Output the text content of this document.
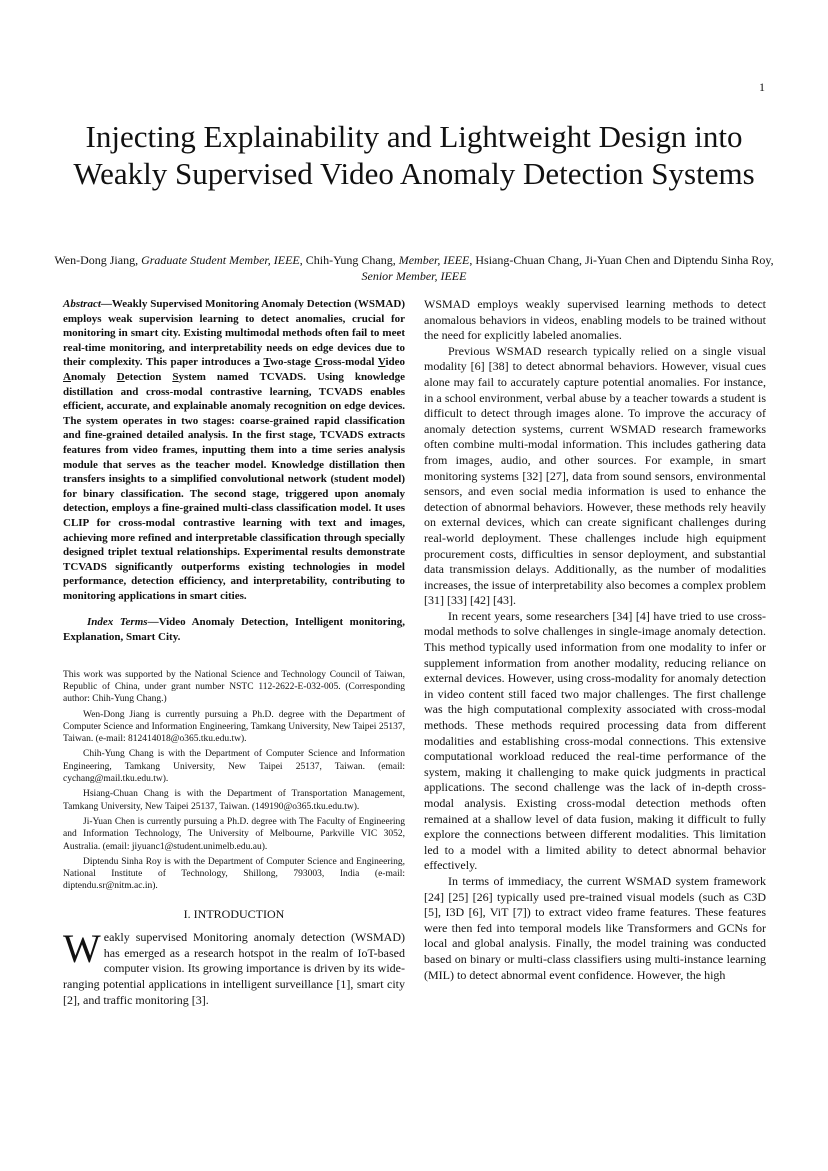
1
Injecting Explainability and Lightweight Design into Weakly Supervised Video Anomaly Detection Systems
Wen-Dong Jiang, Graduate Student Member, IEEE, Chih-Yung Chang, Member, IEEE, Hsiang-Chuan Chang, Ji-Yuan Chen and Diptendu Sinha Roy, Senior Member, IEEE

Abstract—Weakly Supervised Monitoring Anomaly Detection (WSMAD) employs weak supervision learning to detect anomalies, crucial for monitoring in smart city. Existing multimodal methods often fail to meet real-time monitoring, and interpretability needs on edge devices due to their complexity. This paper introduces a Two-stage Cross-modal Video Anomaly Detection System named TCVADS. Using knowledge distillation and cross-modal contrastive learning, TCVADS enables efficient, accurate, and explainable anomaly recognition on edge devices. The system operates in two stages: coarse-grained rapid classification and fine-grained detailed analysis. In the first stage, TCVADS extracts features from video frames, inputting them into a time series analysis module that serves as the teacher model. Knowledge distillation then transfers insights to a simplified convolutional network (student model) for binary classification. The second stage, triggered upon anomaly detection, employs a fine-grained multi-class classification model. It uses CLIP for cross-modal contrastive learning with text and images, achieving more refined and interpretable classification through specially designed triplet textual relationships. Experimental results demonstrate TCVADS significantly outperforms existing technologies in model performance, detection efficiency, and interpretability, contributing to monitoring applications in smart cities.

Index Terms—Video Anomaly Detection, Intelligent monitoring, Explanation, Smart City.

This work was supported by the National Science and Technology Council of Taiwan, Republic of China, under grant number NSTC 112-2622-E-032-005. (Corresponding author: Chih-Yung Chang.)

Wen-Dong Jiang is currently pursuing a Ph.D. degree with the Department of Computer Science and Information Engineering, Tamkang University, New Taipei 25137, Taiwan. (e-mail: 812414018@o365.tku.edu.tw).

Chih-Yung Chang is with the Department of Computer Science and Information Engineering, Tamkang University, New Taipei 25137, Taiwan. (email: cychang@mail.tku.edu.tw).

Hsiang-Chuan Chang is with the Department of Transportation Management, Tamkang University, New Taipei 25137, Taiwan. (149190@o365.tku.edu.tw).

Ji-Yuan Chen is currently pursuing a Ph.D. degree with The Faculty of Engineering and Information Technology, The University of Melbourne, Parkville VIC 3052, Australia. (email: jiyuanc1@student.unimelb.edu.au).

Diptendu Sinha Roy is with the Department of Computer Science and Engineering, National Institute of Technology, Shillong, 793003, India (e-mail: diptendu.sr@nitm.ac.in).

I. INTRODUCTION

Weakly supervised Monitoring anomaly detection (WSMAD) has emerged as a research hotspot in the realm of IoT-based computer vision. Its growing importance is driven by its wide-ranging potential applications in intelligent surveillance [1], smart city [2], and traffic monitoring [3].

WSMAD employs weakly supervised learning methods to detect anomalous behaviors in videos, enabling models to be trained without the need for explicitly labeled anomalies.

Previous WSMAD research typically relied on a single visual modality [6] [38] to detect abnormal behaviors. However, visual cues alone may fail to accurately capture potential anomalies. For instance, in a school environment, verbal abuse by a teacher towards a student is difficult to detect through images alone. To improve the accuracy of anomaly detection systems, current WSMAD research frameworks often combine multi-modal information. This includes gathering data from images, audio, and other sources. For example, in smart monitoring systems [32] [27], data from sound sensors, environmental sensors, and even social media information is used to enhance the detection of abnormal behaviors. However, these methods rely heavily on external devices, which can create significant challenges during real-world deployment. These challenges include high equipment procurement costs, difficulties in sensor deployment, and substantial data transmission delays. Additionally, as the number of modalities increases, the issue of interpretability also becomes a complex problem [31] [33] [42] [43].

In recent years, some researchers [34] [4] have tried to use cross-modal methods to solve challenges in single-image anomaly detection. This method typically used information from one modality to infer or supplement information from another modality, reducing reliance on external devices. However, using cross-modality for anomaly detection in video content still faced two major challenges. The first challenge was the high computational complexity associated with cross-modal methods. These methods required processing data from different modalities and establishing cross-modal connections. This extensive computational workload reduced the real-time performance of the system, making it challenging to make quick judgments in practical applications. The second challenge was the lack of in-depth cross-modal analysis. Existing cross-modal detection methods often remained at a shallow level of data fusion, making it difficult to fully explore the connections between different modalities. This limitation led to a model with a limited ability to detect abnormal behavior effectively.

In terms of immediacy, the current WSMAD system framework [24] [25] [26] typically used pre-trained visual models (such as C3D [5], I3D [6], ViT [7]) to extract video frame features. These features were then fed into temporal models like Transformers and GCNs for local and global analysis. Finally, the model training was conducted based on binary or multi-class classifiers using multi-instance learning (MIL) to detect abnormal event confidence. However, the high
